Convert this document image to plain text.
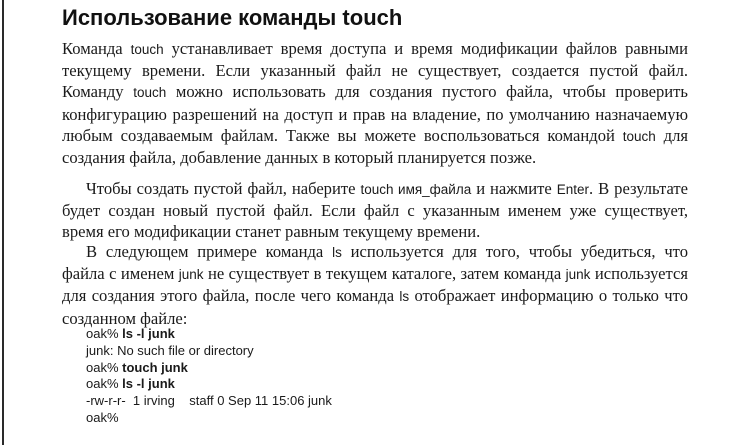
Использование команды touch

Команда touch устанавливает время доступа и время модификации файлов равными текущему времени. Если указанный файл не существует, создается пустой файл. Команду touch можно использовать для создания пустого файла, чтобы проверить конфигурацию разрешений на доступ и прав на владение, по умолчанию назначаемую любым создаваемым файлам. Также вы можете воспользоваться командой touch для создания файла, добавление данных в который планируется позже.

Чтобы создать пустой файл, наберите touch имя_файла и нажмите Enter. В результате будет создан новый пустой файл. Если файл с указанным именем уже существует, время его модификации станет равным текущему времени.

В следующем примере команда ls используется для того, чтобы убедиться, что файла с именем junk не существует в текущем каталоге, затем команда junk используется для создания этого файла, после чего команда ls отображает информацию о только что созданном файле:

oak% ls -l junk
junk: No such file or directory
oak% touch junk
oak% ls -l junk
-rw-r-r-  1 irving    staff 0 Sep 11 15:06 junk
oak%
